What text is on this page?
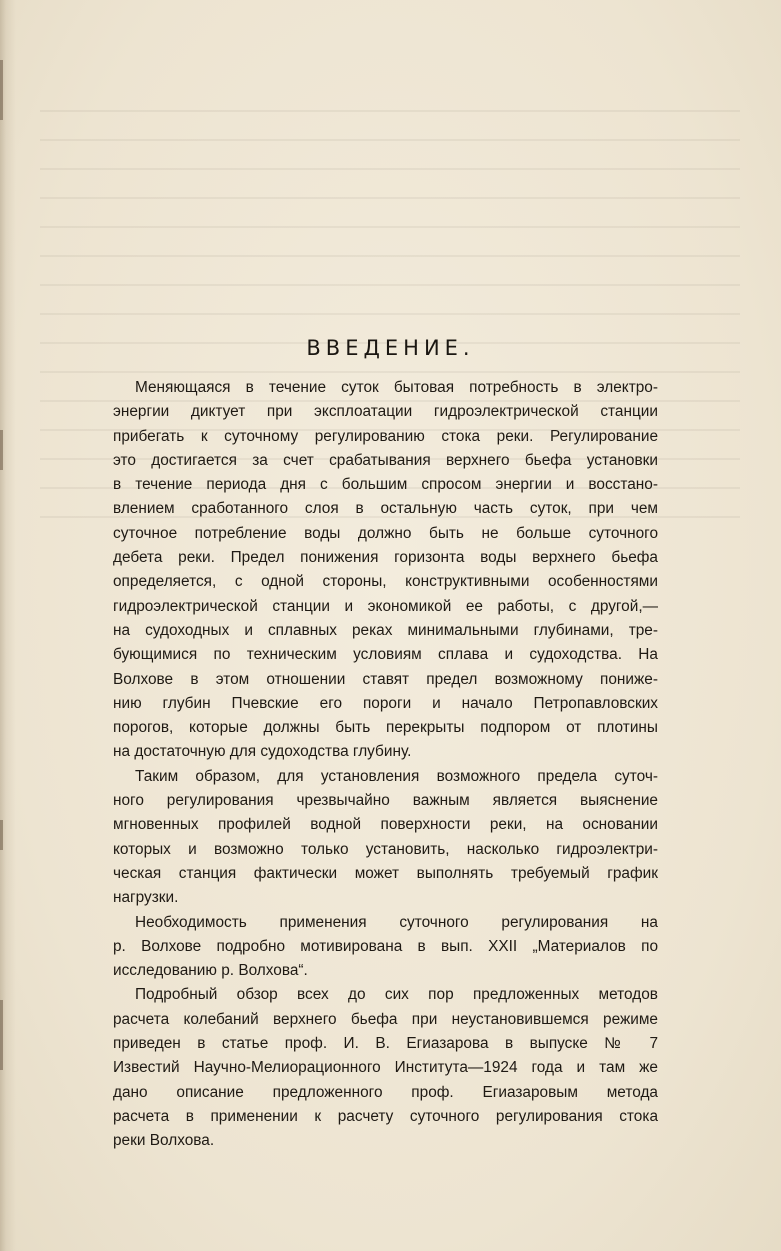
ВВЕДЕНИЕ.
Меняющаяся в течение суток бытовая потребность в электро-
энергии диктует при эксплоатации гидроэлектрической станции
прибегать к суточному регулированию стока реки. Регулирование
это достигается за счет срабатывания верхнего бьефа установки
в течение периода дня с большим спросом энергии и восстано-
влением сработанного слоя в остальную часть суток, при чем
суточное потребление воды должно быть не больше суточного
дебета реки. Предел понижения горизонта воды верхнего бьефа
определяется, с одной стороны, конструктивными особенностями
гидроэлектрической станции и экономикой ее работы, с другой,—
на судоходных и сплавных реках минимальными глубинами, тре-
бующимися по техническим условиям сплава и судоходства. На
Волхове в этом отношении ставят предел возможному пониже-
нию глубин Пчевские его пороги и начало Петропавловских
порогов, которые должны быть перекрыты подпором от плотины
на достаточную для судоходства глубину.
Таким образом, для установления возможного предела суточ-
ного регулирования чрезвычайно важным является выяснение
мгновенных профилей водной поверхности реки, на основании
которых и возможно только установить, насколько гидроэлектри-
ческая станция фактически может выполнять требуемый график
нагрузки.
Необходимость применения суточного регулирования на
р. Волхове подробно мотивирована в вып. XXII „Материалов по
исследованию р. Волхова“.
Подробный обзор всех до сих пор предложенных методов
расчета колебаний верхнего бьефа при неустановившемся режиме
приведен в статье проф. И. В. Егиазарова в выпуске № 7
Известий Научно-Мелиорационного Института—1924 года и там же
дано описание предложенного проф. Егиазаровым метода
расчета в применении к расчету суточного регулирования стока
реки Волхова.
